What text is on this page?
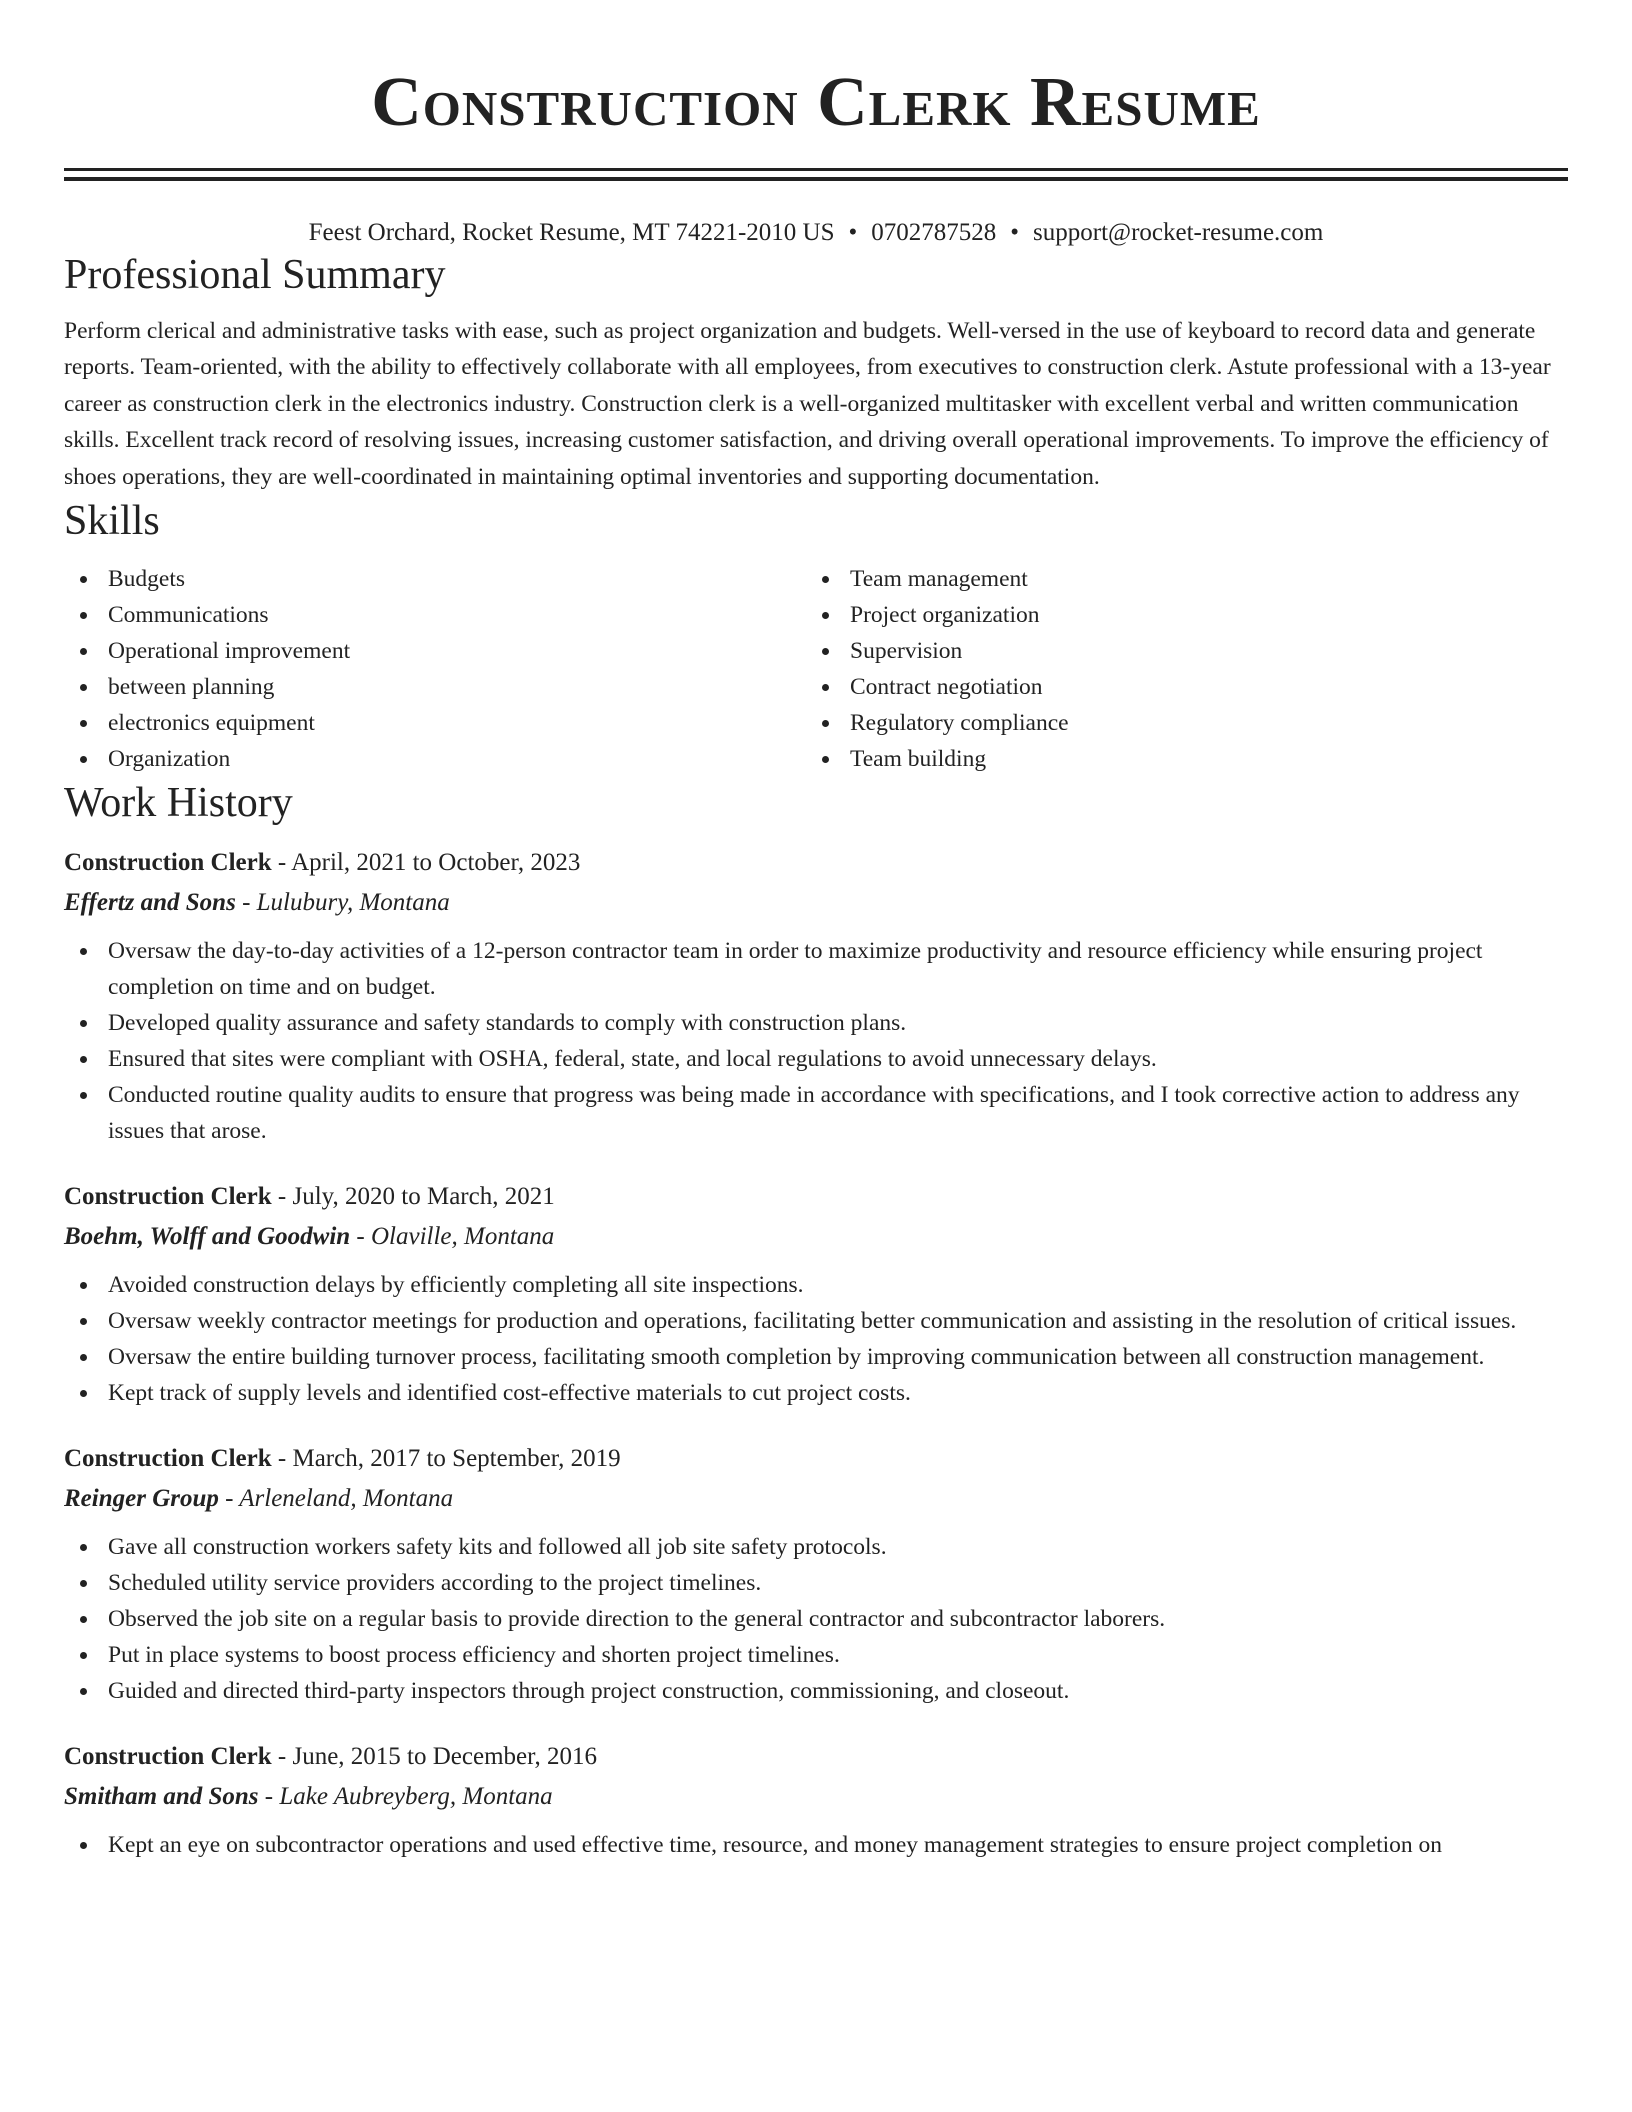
Construction Clerk Resume
Feest Orchard, Rocket Resume, MT 74221-2010 US • 0702787528 • support@rocket-resume.com
Professional Summary
Perform clerical and administrative tasks with ease, such as project organization and budgets. Well-versed in the use of keyboard to record data and generate reports. Team-oriented, with the ability to effectively collaborate with all employees, from executives to construction clerk. Astute professional with a 13-year career as construction clerk in the electronics industry. Construction clerk is a well-organized multitasker with excellent verbal and written communication skills. Excellent track record of resolving issues, increasing customer satisfaction, and driving overall operational improvements. To improve the efficiency of shoes operations, they are well-coordinated in maintaining optimal inventories and supporting documentation.
Skills
Budgets
Communications
Operational improvement
between planning
electronics equipment
Organization
Team management
Project organization
Supervision
Contract negotiation
Regulatory compliance
Team building
Work History
Construction Clerk - April, 2021 to October, 2023
Effertz and Sons - Lulubury, Montana
Oversaw the day-to-day activities of a 12-person contractor team in order to maximize productivity and resource efficiency while ensuring project completion on time and on budget.
Developed quality assurance and safety standards to comply with construction plans.
Ensured that sites were compliant with OSHA, federal, state, and local regulations to avoid unnecessary delays.
Conducted routine quality audits to ensure that progress was being made in accordance with specifications, and I took corrective action to address any issues that arose.
Construction Clerk - July, 2020 to March, 2021
Boehm, Wolff and Goodwin - Olaville, Montana
Avoided construction delays by efficiently completing all site inspections.
Oversaw weekly contractor meetings for production and operations, facilitating better communication and assisting in the resolution of critical issues.
Oversaw the entire building turnover process, facilitating smooth completion by improving communication between all construction management.
Kept track of supply levels and identified cost-effective materials to cut project costs.
Construction Clerk - March, 2017 to September, 2019
Reinger Group - Arleneland, Montana
Gave all construction workers safety kits and followed all job site safety protocols.
Scheduled utility service providers according to the project timelines.
Observed the job site on a regular basis to provide direction to the general contractor and subcontractor laborers.
Put in place systems to boost process efficiency and shorten project timelines.
Guided and directed third-party inspectors through project construction, commissioning, and closeout.
Construction Clerk - June, 2015 to December, 2016
Smitham and Sons - Lake Aubreyberg, Montana
Kept an eye on subcontractor operations and used effective time, resource, and money management strategies to ensure project completion on
